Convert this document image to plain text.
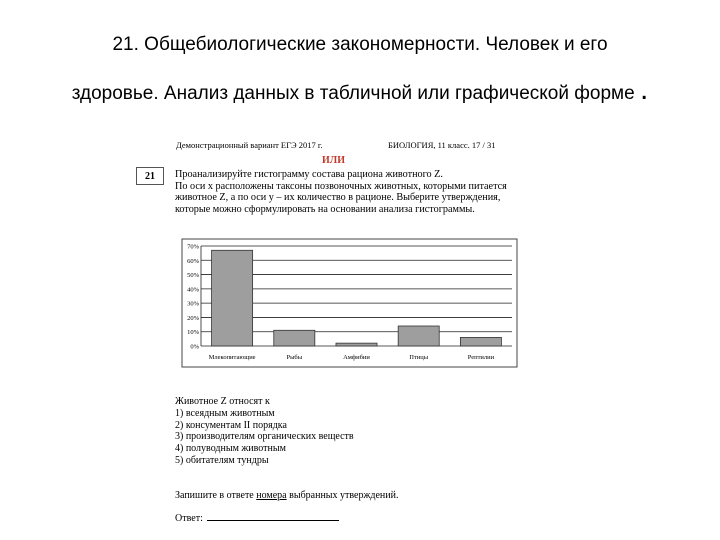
21. Общебиологические закономерности. Человек и его
здоровье. Анализ данных в табличной или графической форме .
Демонстрационный вариант ЕГЭ 2017 г.	БИОЛОГИЯ, 11 класс. 17 / 31
ИЛИ
21	Проанализируйте гистограмму состава рациона животного Z.
По оси x расположены таксоны позвоночных животных, которыми питается
животное Z, а по оси y – их количество в рационе. Выберите утверждения,
которые можно сформулировать на основании анализа гистограммы.
0%
10%
20%
30%
40%
50%
60%
70%
Млекопитающие	Рыбы	Амфибии	Птицы	Рептилии
Животное Z относят к
1) всеядным животным
2) консументам II порядка
3) производителям органических веществ
4) полуводным животным
5) обитателям тундры
Запишите в ответе номера выбранных утверждений.
Ответ:
